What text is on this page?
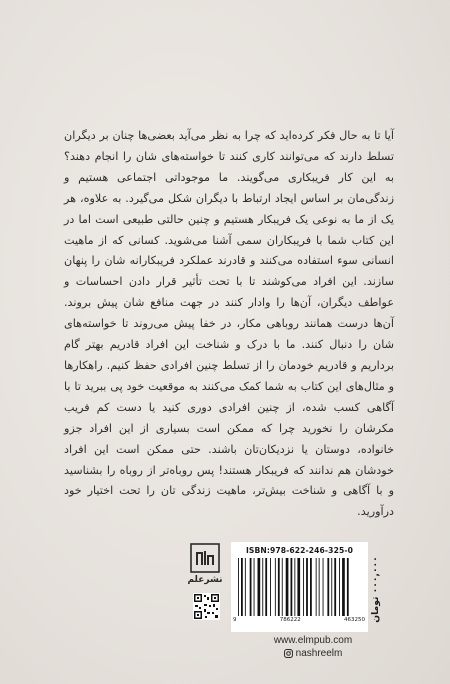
آیا تا به حال فکر کرده‌اید که چرا به نظر می‌آید بعضی‌ها چنان بر دیگران تسلط دارند که می‌توانند کاری کنند تا خواسته‌های شان را انجام دهند؟ به این کار فریبکاری می‌گویند. ما موجوداتی اجتماعی هستیم و زندگی‌مان بر اساس ایجاد ارتباط با دیگران شکل می‌گیرد. به علاوه، هر یک از ما به نوعی یک فریبکار هستیم و چنین حالتی طبیعی است اما در این کتاب شما با فریبکاران سمی آشنا می‌شوید. کسانی که از ماهیت انسانی سوء استفاده می‌کنند و قادرند عملکرد فریبکارانه شان را پنهان سازند. این افراد می‌کوشند تا با تحت تأثیر قرار دادن احساسات و عواطف دیگران، آن‌ها را وادار کنند در جهت منافع شان پیش بروند. آن‌ها درست همانند روباهی مکار، در خفا پیش می‌روند تا خواسته‌های شان را دنبال کنند. ما با درک و شناخت این افراد قادریم بهتر گام برداریم و قادریم خودمان را از تسلط چنین افرادی حفظ کنیم. راهکارها و مثال‌های این کتاب به شما کمک می‌کنند به موقعیت خود پی ببرید تا با آگاهی کسب شده، از چنین افرادی دوری کنید یا دست کم فریب مکرشان را نخورید چرا که ممکن است بسیاری از این افراد جزو خانواده، دوستان یا نزدیکان‌تان باشند. حتی ممکن است این افراد خودشان هم ندانند که فریبکار هستند! پس روباه‌تر از روباه را بشناسید و با آگاهی و شناخت بیش‌تر، ماهیت زندگی تان را تحت اختیار خود درآورید.

نشرعلم
ISBN:978-622-246-325-0
9	786222	463250 ۰۰۰,۰۰۰ تومان
www.elmpub.com
nashreelm
